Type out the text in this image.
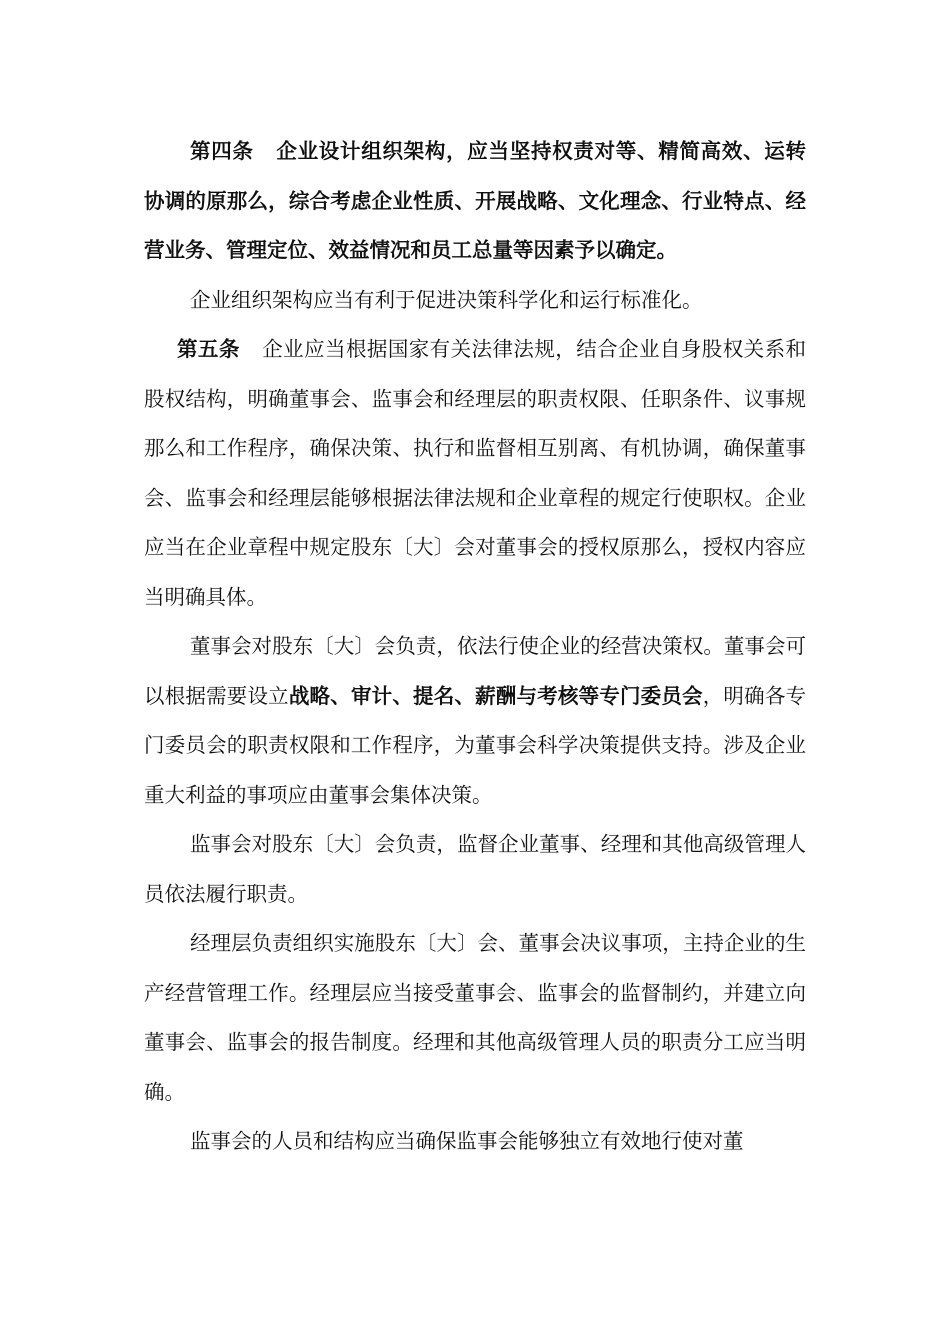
第四条 企业设计组织架构，应当坚持权责对等、精简高效、运转协调的原那么，综合考虑企业性质、开展战略、文化理念、行业特点、经营业务、管理定位、效益情况和员工总量等因素予以确定。

企业组织架构应当有利于促进决策科学化和运行标准化。

第五条 企业应当根据国家有关法律法规，结合企业自身股权关系和股权结构，明确董事会、监事会和经理层的职责权限、任职条件、议事规那么和工作程序，确保决策、执行和监督相互别离、有机协调，确保董事会、监事会和经理层能够根据法律法规和企业章程的规定行使职权。企业应当在企业章程中规定股东〔大〕会对董事会的授权原那么，授权内容应当明确具体。

董事会对股东〔大〕会负责，依法行使企业的经营决策权。董事会可以根据需要设立战略、审计、提名、薪酬与考核等专门委员会，明确各专门委员会的职责权限和工作程序，为董事会科学决策提供支持。涉及企业重大利益的事项应由董事会集体决策。

监事会对股东〔大〕会负责，监督企业董事、经理和其他高级管理人员依法履行职责。

经理层负责组织实施股东〔大〕会、董事会决议事项，主持企业的生产经营管理工作。经理层应当接受董事会、监事会的监督制约，并建立向董事会、监事会的报告制度。经理和其他高级管理人员的职责分工应当明确。

监事会的人员和结构应当确保监事会能够独立有效地行使对董
